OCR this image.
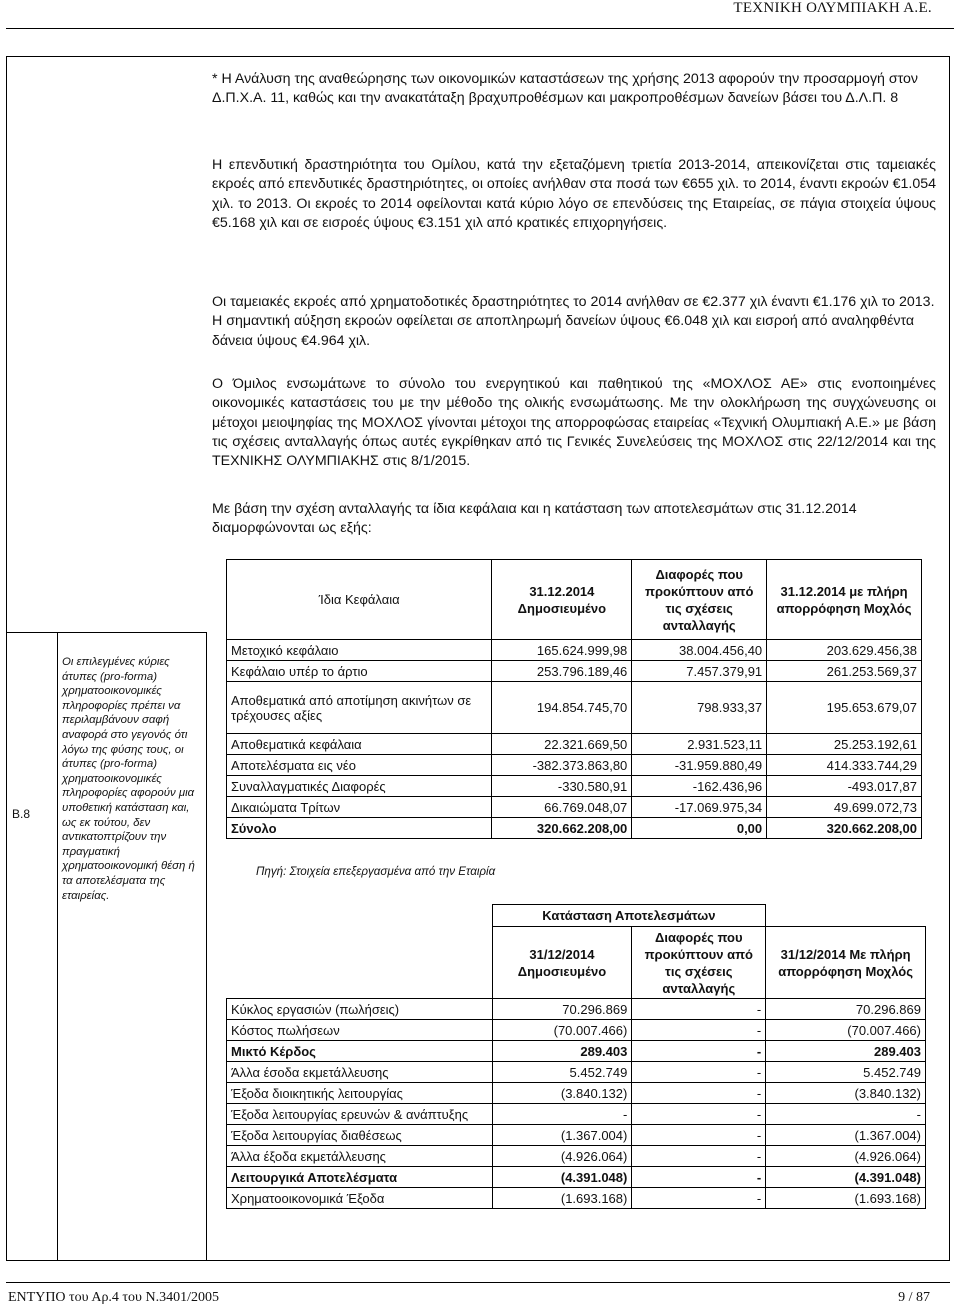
ΤΕΧΝΙΚΗ ΟΛΥΜΠΙΑΚΗ Α.Ε.
Β.8
Οι επιλεγμένες κύριες άτυπες (pro-forma) χρηματοοικονομικές πληροφορίες πρέπει να περιλαμβάνουν σαφή αναφορά στο γεγονός ότι λόγω της φύσης τους, οι άτυπες (pro-forma) χρηματοοικονομικές πληροφορίες αφορούν μια υποθετική κατάσταση και, ως εκ τούτου, δεν αντικατοπτρίζουν την πραγματική χρηματοοικονομική θέση ή τα αποτελέσματα της εταιρείας.

* Η Ανάλυση της αναθεώρησης των οικονομικών καταστάσεων της χρήσης 2013 αφορούν την προσαρμογή στον Δ.Π.Χ.Α. 11, καθώς και την ανακατάταξη βραχυπροθέσμων και μακροπροθέσμων δανείων βάσει του Δ.Λ.Π. 8

Η επενδυτική δραστηριότητα του Ομίλου, κατά την εξεταζόμενη τριετία 2013-2014, απεικονίζεται στις ταμειακές εκροές από επενδυτικές δραστηριότητες, οι οποίες ανήλθαν στα ποσά των €655 χιλ. το 2014, έναντι εκροών €1.054 χιλ. το 2013. Οι εκροές το 2014 οφείλονται κατά κύριο λόγο σε επενδύσεις της Εταιρείας, σε πάγια στοιχεία ύψους €5.168 χιλ και σε εισροές ύψους €3.151 χιλ από κρατικές επιχορηγήσεις.

Οι ταμειακές εκροές από χρηματοδοτικές δραστηριότητες το 2014 ανήλθαν σε €2.377 χιλ έναντι €1.176 χιλ το 2013. Η σημαντική αύξηση εκροών οφείλεται σε αποπληρωμή δανείων ύψους €6.048 χιλ και εισροή από αναληφθέντα δάνεια ύψους €4.964 χιλ.

Ο Όμιλος ενσωμάτωνε το σύνολο του ενεργητικού και παθητικού της «ΜΟΧΛΟΣ ΑΕ» στις ενοποιημένες οικονομικές καταστάσεις του με την μέθοδο της ολικής ενσωμάτωσης. Με την ολοκλήρωση της συγχώνευσης οι μέτοχοι μειοψηφίας της ΜΟΧΛΟΣ γίνονται μέτοχοι της απορροφώσας εταιρείας «Τεχνική Ολυμπιακή Α.Ε.» με βάση τις σχέσεις ανταλλαγής όπως αυτές εγκρίθηκαν από τις Γενικές Συνελεύσεις της ΜΟΧΛΟΣ στις 22/12/2014 και της ΤΕΧΝΙΚΗΣ ΟΛΥΜΠΙΑΚΗΣ στις 8/1/2015.

Με βάση την σχέση ανταλλαγής τα ίδια κεφάλαια και η κατάσταση των αποτελεσμάτων στις 31.12.2014 διαμορφώνονται ως εξής:

Ίδια Κεφάλαια	31.12.2014 Δημοσιευμένο	Διαφορές που προκύπτουν από τις σχέσεις ανταλλαγής	31.12.2014 με πλήρη απορρόφηση Μοχλός
Μετοχικό κεφάλαιο	165.624.999,98	38.004.456,40	203.629.456,38
Κεφάλαιο υπέρ το άρτιο	253.796.189,46	7.457.379,91	261.253.569,37
Αποθεματικά από αποτίμηση ακινήτων σε τρέχουσες αξίες	194.854.745,70	798.933,37	195.653.679,07
Αποθεματικά κεφάλαια	22.321.669,50	2.931.523,11	25.253.192,61
Αποτελέσματα εις νέο	-382.373.863,80	-31.959.880,49	414.333.744,29
Συναλλαγματικές Διαφορές	-330.580,91	-162.436,96	-493.017,87
Δικαιώματα Τρίτων	66.769.048,07	-17.069.975,34	49.699.072,73
Σύνολο	320.662.208,00	0,00	320.662.208,00
Πηγή: Στοιχεία επεξεργασμένα από την Εταιρία
	Κατάσταση Αποτελεσμάτων		
	31/12/2014 Δημοσιευμένο	Διαφορές που προκύπτουν από τις σχέσεις ανταλλαγής	31/12/2014 Με πλήρη απορρόφηση Μοχλός
Κύκλος εργασιών (πωλήσεις)	70.296.869	-	70.296.869
Κόστος πωλήσεων	(70.007.466)	-	(70.007.466)
Μικτό Κέρδος	289.403	-	289.403
Άλλα έσοδα εκμετάλλευσης	5.452.749	-	5.452.749
Έξοδα διοικητικής λειτουργίας	(3.840.132)	-	(3.840.132)
Έξοδα λειτουργίας ερευνών & ανάπτυξης	-	-	-
Έξοδα λειτουργίας διαθέσεως	(1.367.004)	-	(1.367.004)
Άλλα έξοδα εκμετάλλευσης	(4.926.064)	-	(4.926.064)
Λειτουργικά Αποτελέσματα	(4.391.048)	-	(4.391.048)
Χρηματοοικονομικά Έξοδα	(1.693.168)	-	(1.693.168)
ΕΝΤΥΠΟ του Αρ.4 του Ν.3401/2005	9 / 87
